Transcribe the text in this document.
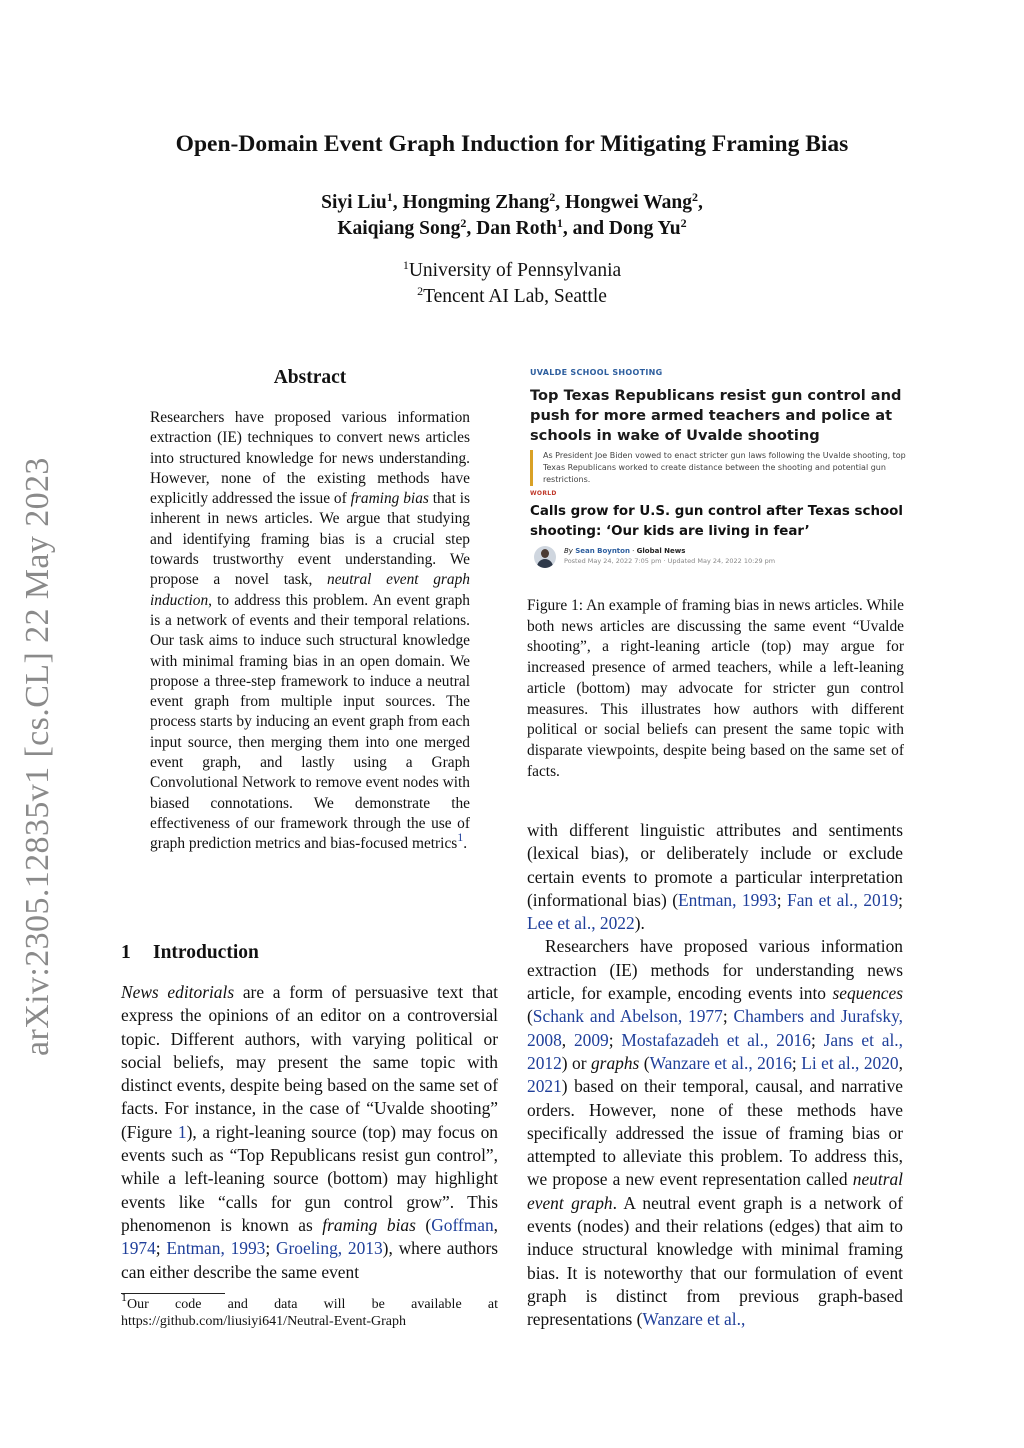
arXiv:2305.12835v1 [cs.CL] 22 May 2023
Open-Domain Event Graph Induction for Mitigating Framing Bias
Siyi Liu$^1$, Hongming Zhang$^2$, Hongwei Wang$^2$,
Kaiqiang Song$^2$, Dan Roth$^1$, and Dong Yu$^2$
$^1$University of Pennsylvania
$^2$Tencent AI Lab, Seattle
Abstract
Researchers have proposed various information extraction (IE) techniques to convert news articles into structured knowledge for news understanding. However, none of the existing methods have explicitly addressed the issue of framing bias that is inherent in news articles. We argue that studying and identifying framing bias is a crucial step towards trustworthy event understanding. We propose a novel task, neutral event graph induction, to address this problem. An event graph is a network of events and their temporal relations. Our task aims to induce such structural knowledge with minimal framing bias in an open domain. We propose a three-step framework to induce a neutral event graph from multiple input sources. The process starts by inducing an event graph from each input source, then merging them into one merged event graph, and lastly using a Graph Convolutional Network to remove event nodes with biased connotations. We demonstrate the effectiveness of our framework through the use of graph prediction metrics and bias-focused metrics$^1$.
UVALDE SCHOOL SHOOTING
Top Texas Republicans resist gun control and push for more armed teachers and police at schools in wake of Uvalde shooting
As President Joe Biden vowed to enact stricter gun laws following the Uvalde shooting, top Texas Republicans worked to create distance between the shooting and potential gun restrictions.
WORLD
Calls grow for U.S. gun control after Texas school shooting: ‘Our kids are living in fear’
By Sean Boynton · Global News
Posted May 24, 2022 7:05 pm · Updated May 24, 2022 10:29 pm
Figure 1: An example of framing bias in news articles. While both news articles are discussing the same event “Uvalde shooting”, a right-leaning article (top) may argue for increased presence of armed teachers, while a left-leaning article (bottom) may advocate for stricter gun control measures. This illustrates how authors with different political or social beliefs can present the same topic with disparate viewpoints, despite being based on the same set of facts.
1 Introduction
News editorials are a form of persuasive text that express the opinions of an editor on a controversial topic. Different authors, with varying political or social beliefs, may present the same topic with distinct events, despite being based on the same set of facts. For instance, in the case of “Uvalde shooting” (Figure 1), a right-leaning source (top) may focus on events such as “Top Republicans resist gun control”, while a left-leaning source (bottom) may highlight events like “calls for gun control grow”. This phenomenon is known as framing bias (Goffman, 1974; Entman, 1993; Groeling, 2013), where authors can either describe the same event
$^1$Our code and data will be available at https://github.com/liusiyi641/Neutral-Event-Graph

with different linguistic attributes and sentiments (lexical bias), or deliberately include or exclude certain events to promote a particular interpretation (informational bias) (Entman, 1993; Fan et al., 2019; Lee et al., 2022).

Researchers have proposed various information extraction (IE) methods for understanding news article, for example, encoding events into sequences (Schank and Abelson, 1977; Chambers and Jurafsky, 2008, 2009; Mostafazadeh et al., 2016; Jans et al., 2012) or graphs (Wanzare et al., 2016; Li et al., 2020, 2021) based on their temporal, causal, and narrative orders. However, none of these methods have specifically addressed the issue of framing bias or attempted to alleviate this problem. To address this, we propose a new event representation called neutral event graph. A neutral event graph is a network of events (nodes) and their relations (edges) that aim to induce structural knowledge with minimal framing bias. It is noteworthy that our formulation of event graph is distinct from previous graph-based representations (Wanzare et al.,
